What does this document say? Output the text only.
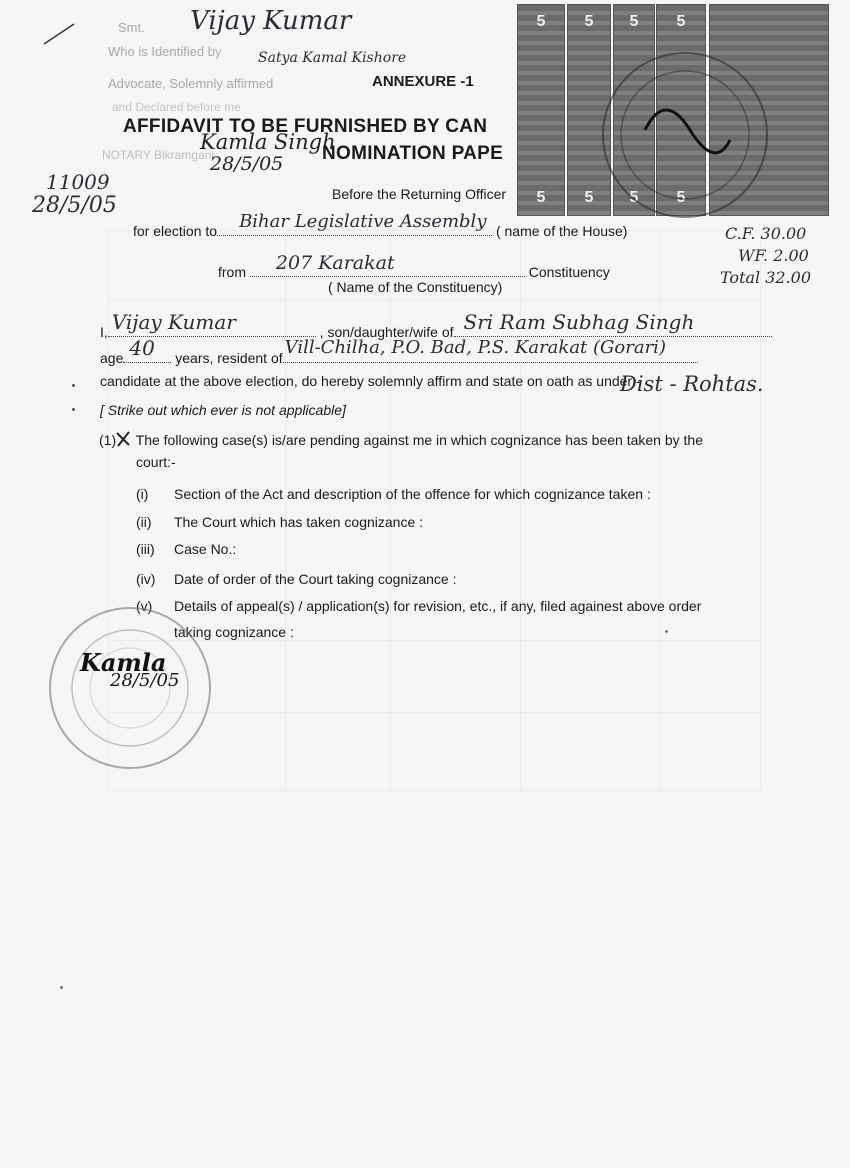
Smt. Vijay Kumar
Who is Identified by	Satya Kamal Kishore
Advocate, Solemnly affirmed
and Declared before me
NOTARY Bikramganj
ANNEXURE -1
AFFIDAVIT TO BE FURNISHED BY CAN
NOMINATION PAPE
Kamla Singh
28/5/05
11009
28/5/05	Before the Returning Officer
5
5
5
5
5
5
5
5
for election to Bihar Legislative Assembly ( name of the House)	C.F. 30.00
WF. 2.00
Total 32.00
from 207 Karakat	Constituency
( Name of the Constituency)
I, Vijay Kumar	, son/daughter/wife of Sri Ram Subhag Singh
age 40 years, resident of Vill-Chilha, P.O. Bad, P.S. Karakat (Gorari)
candidate at the above election, do hereby solemnly affirm and state on oath as under:-
Dist - Rohtas.
[ Strike out which ever is not applicable]
(1) The following case(s) is/are pending against me in which cognizance has been taken by the
court:-
(i) Section of the Act and description of the offence for which cognizance taken :
(ii) The Court which has taken cognizance :
(iii) Case No.:
(iv) Date of order of the Court taking cognizance :
(v) Details of appeal(s) / application(s) for revision, etc., if any, filed againest above order
taking cognizance :
Kamla
28/5/05
